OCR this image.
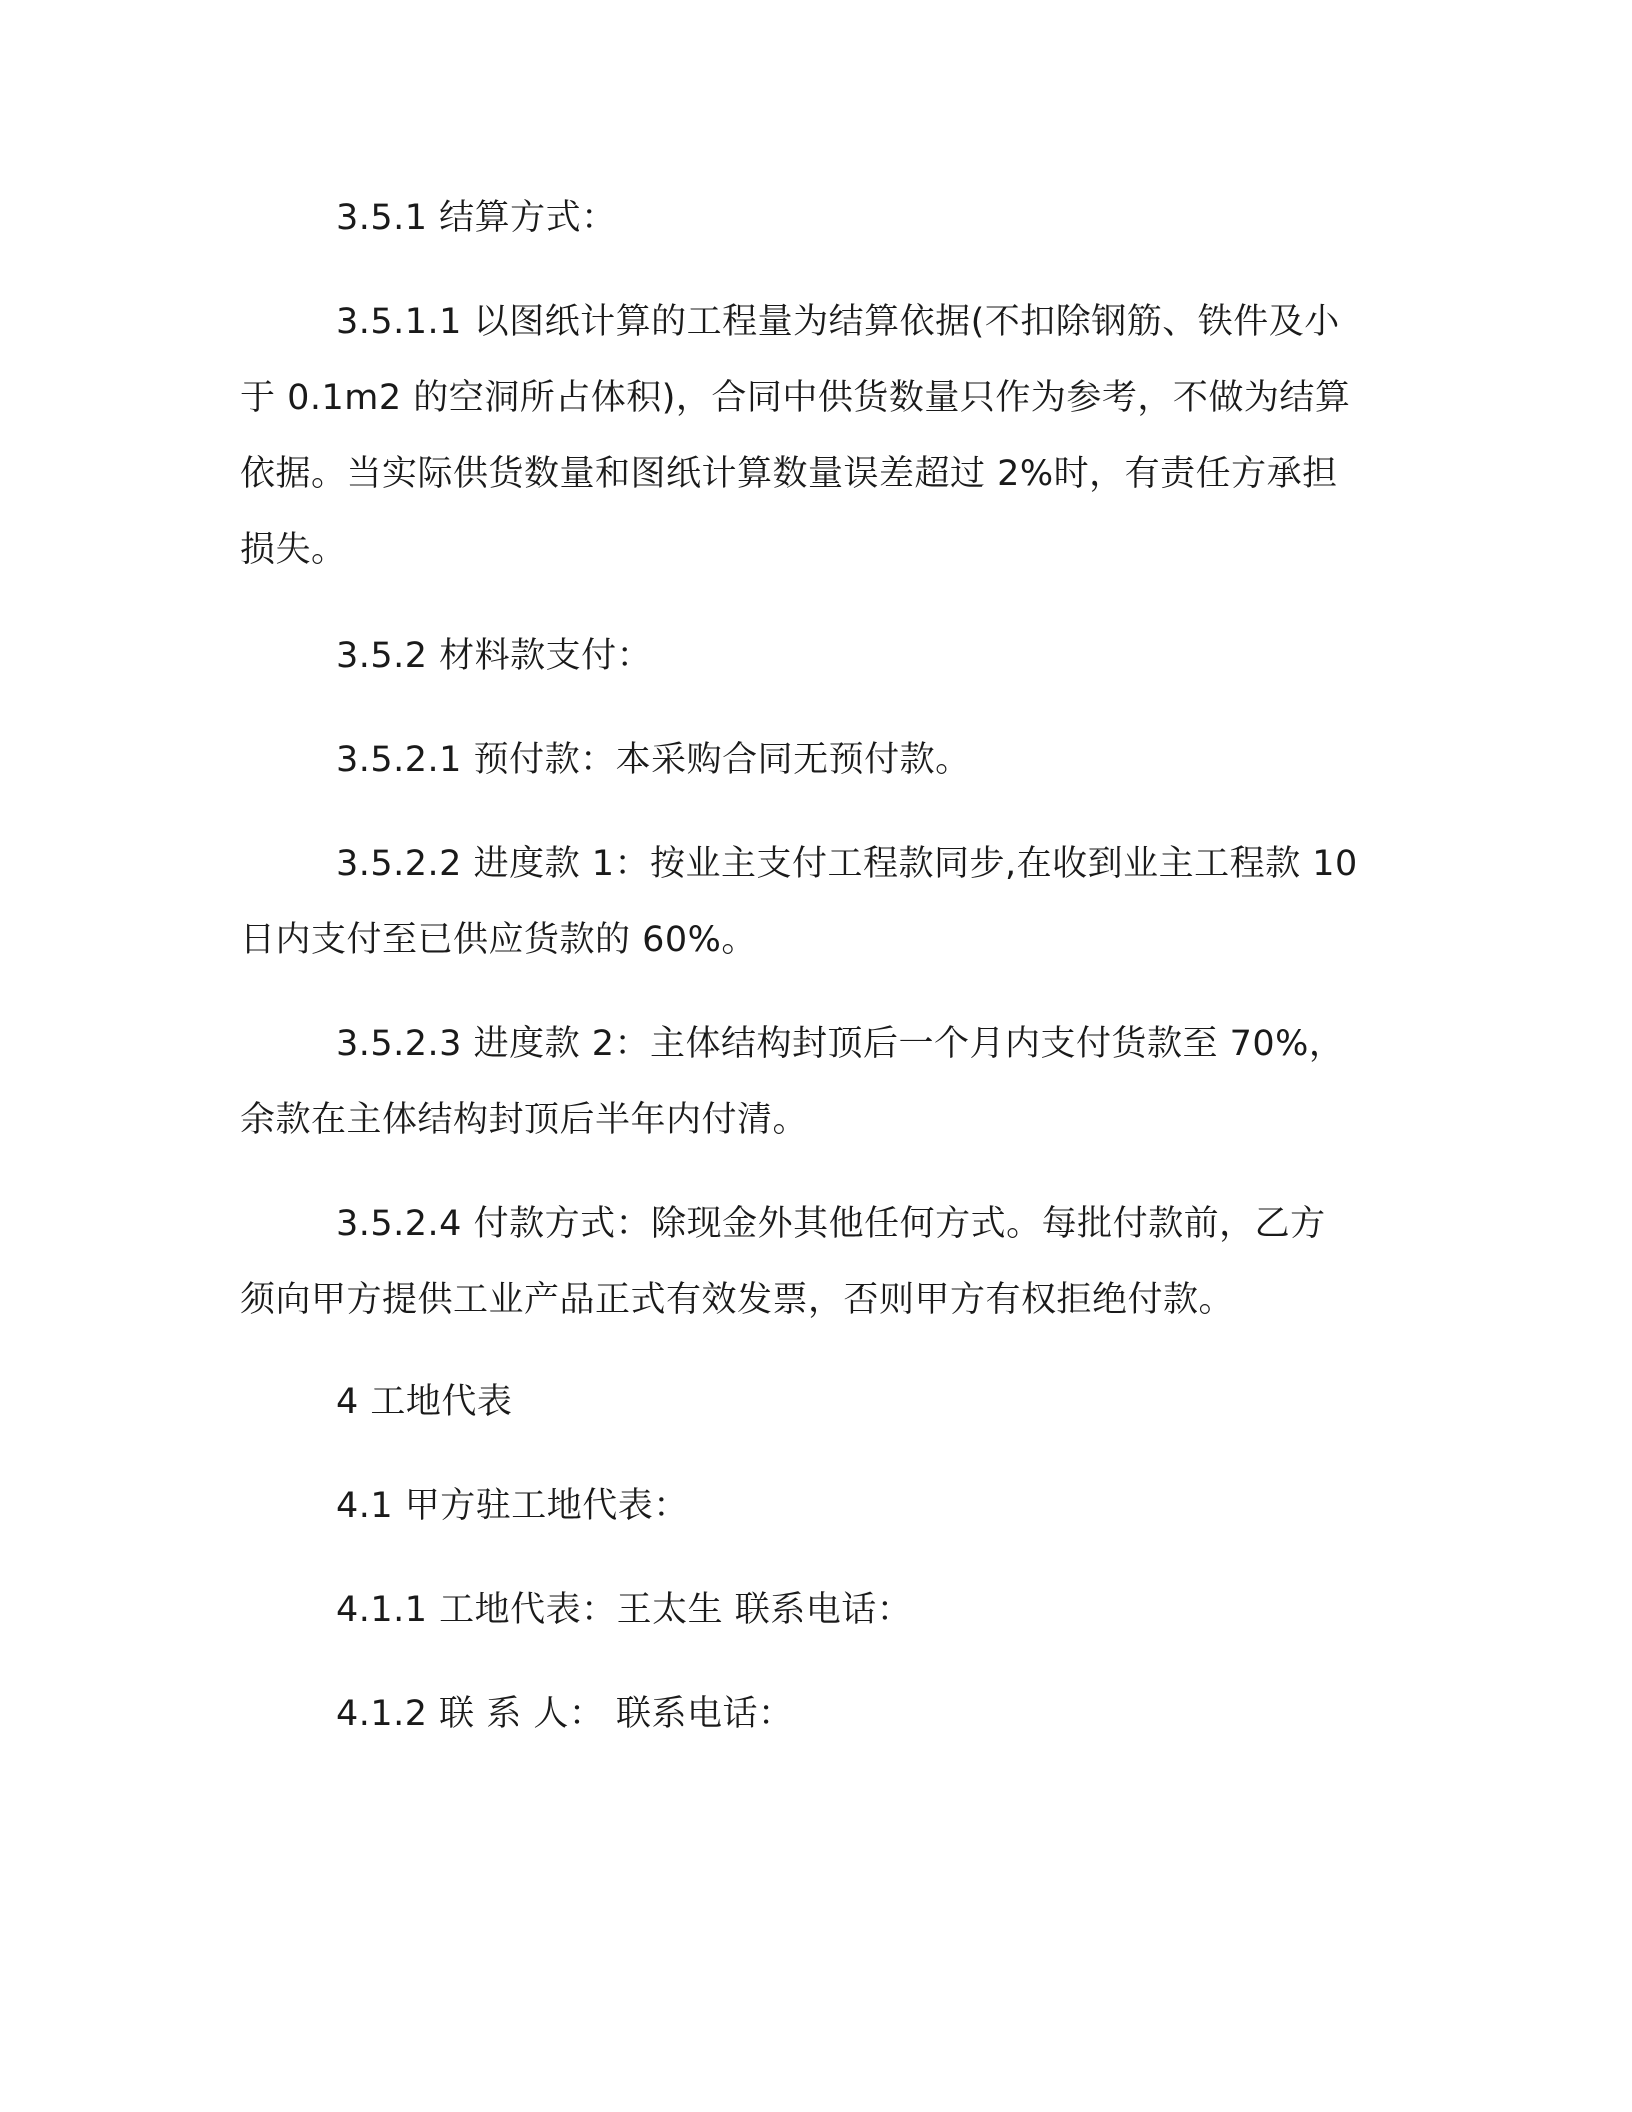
3.5.1 结算方式：

3.5.1.1 以图纸计算的工程量为结算依据(不扣除钢筋、铁件及小
于 0.1m2 的空洞所占体积)，合同中供货数量只作为参考，不做为结算
依据。当实际供货数量和图纸计算数量误差超过 2%时，有责任方承担
损失。

3.5.2 材料款支付：

3.5.2.1 预付款：本采购合同无预付款。

3.5.2.2 进度款 1：按业主支付工程款同步,在收到业主工程款 10
日内支付至已供应货款的 60%。

3.5.2.3 进度款 2：主体结构封顶后一个月内支付货款至 70%，
余款在主体结构封顶后半年内付清。

3.5.2.4 付款方式：除现金外其他任何方式。每批付款前，乙方
须向甲方提供工业产品正式有效发票，否则甲方有权拒绝付款。

4 工地代表

4.1 甲方驻工地代表：

4.1.1 工地代表：王太生 联系电话：

4.1.2 联 系 人： 联系电话：
